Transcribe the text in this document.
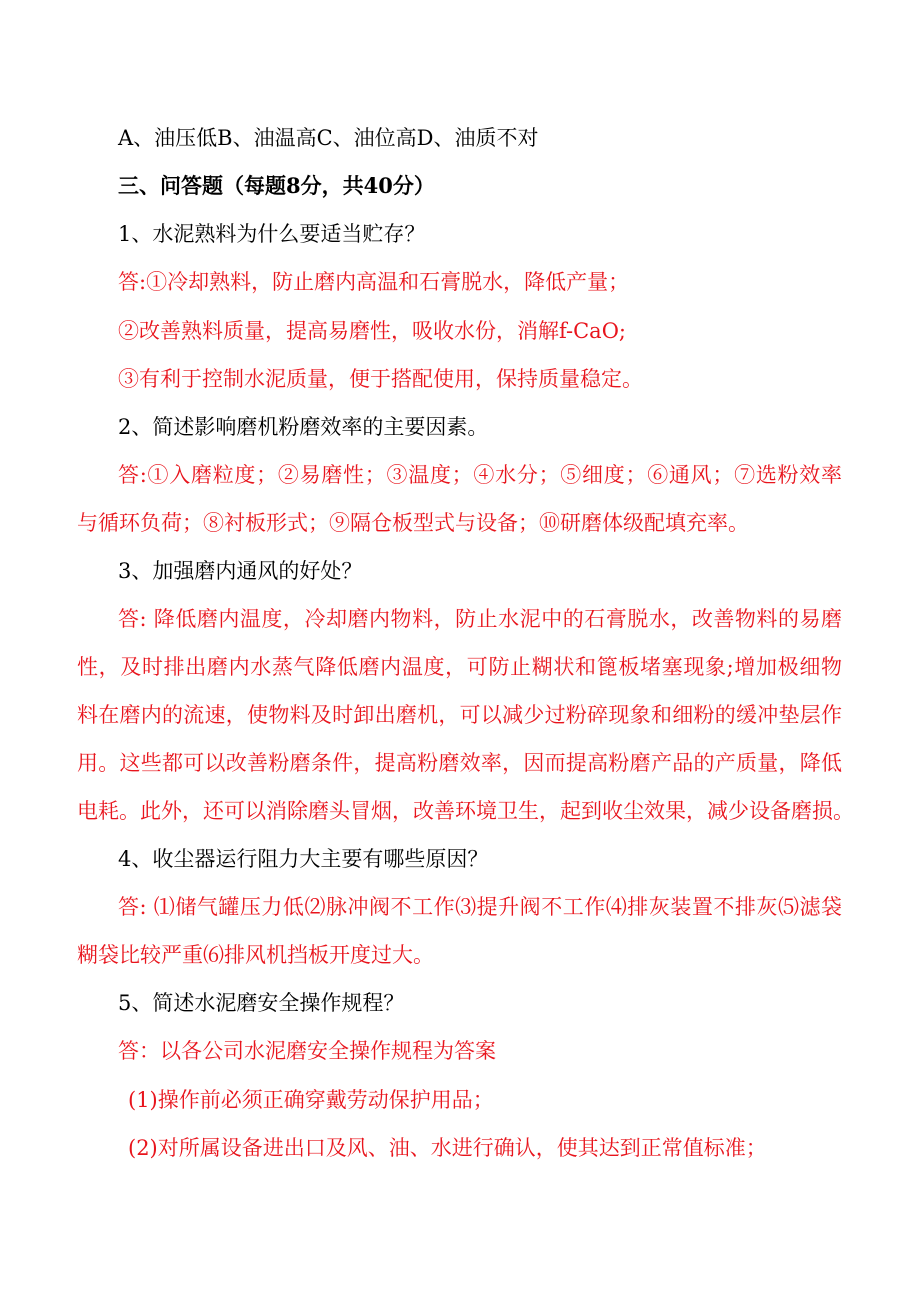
A、油压低B、油温高C、油位高D、油质不对
三、问答题（每题8分，共40分）
1、水泥熟料为什么要适当贮存？
答:①冷却熟料，防止磨内高温和石膏脱水，降低产量；
②改善熟料质量，提高易磨性，吸收水份，消解f-CaO;
③有利于控制水泥质量，便于搭配使用，保持质量稳定。
2、简述影响磨机粉磨效率的主要因素。
答:①入磨粒度；②易磨性；③温度；④水分；⑤细度；⑥通风；⑦选粉效率
与循环负荷；⑧衬板形式；⑨隔仓板型式与设备；⑩研磨体级配填充率。
3、加强磨内通风的好处？
答: 降低磨内温度，冷却磨内物料，防止水泥中的石膏脱水，改善物料的易磨
性，及时排出磨内水蒸气降低磨内温度，可防止糊状和篦板堵塞现象;增加极细物
料在磨内的流速，使物料及时卸出磨机，可以减少过粉碎现象和细粉的缓冲垫层作
用。这些都可以改善粉磨条件，提高粉磨效率，因而提高粉磨产品的产质量，降低
电耗。此外，还可以消除磨头冒烟，改善环境卫生，起到收尘效果，减少设备磨损。
4、收尘器运行阻力大主要有哪些原因？
答: ⑴储气罐压力低⑵脉冲阀不工作⑶提升阀不工作⑷排灰装置不排灰⑸滤袋
糊袋比较严重⑹排风机挡板开度过大。
5、简述水泥磨安全操作规程？
答：以各公司水泥磨安全操作规程为答案
(1)操作前必须正确穿戴劳动保护用品；
(2)对所属设备进出口及风、油、水进行确认，使其达到正常值标准；
